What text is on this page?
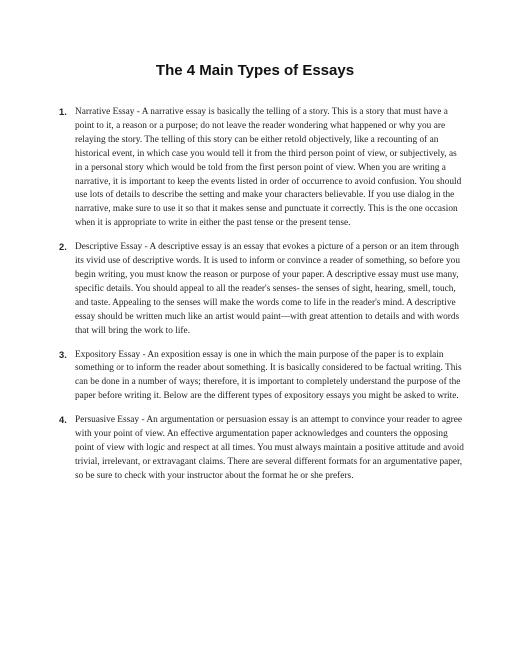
The 4 Main Types of Essays
1. Narrative Essay - A narrative essay is basically the telling of a story. This is a story that must have a point to it, a reason or a purpose; do not leave the reader wondering what happened or why you are relaying the story. The telling of this story can be either retold objectively, like a recounting of an historical event, in which case you would tell it from the third person point of view, or subjectively, as in a personal story which would be told from the first person point of view. When you are writing a narrative, it is important to keep the events listed in order of occurrence to avoid confusion. You should use lots of details to describe the setting and make your characters believable. If you use dialog in the narrative, make sure to use it so that it makes sense and punctuate it correctly. This is the one occasion when it is appropriate to write in either the past tense or the present tense.
2. Descriptive Essay - A descriptive essay is an essay that evokes a picture of a person or an item through its vivid use of descriptive words. It is used to inform or convince a reader of something, so before you begin writing, you must know the reason or purpose of your paper. A descriptive essay must use many, specific details. You should appeal to all the reader's senses- the senses of sight, hearing, smell, touch, and taste. Appealing to the senses will make the words come to life in the reader's mind. A descriptive essay should be written much like an artist would paint—with great attention to details and with words that will bring the work to life.
3. Expository Essay - An exposition essay is one in which the main purpose of the paper is to explain something or to inform the reader about something. It is basically considered to be factual writing. This can be done in a number of ways; therefore, it is important to completely understand the purpose of the paper before writing it. Below are the different types of expository essays you might be asked to write.
4. Persuasive Essay - An argumentation or persuasion essay is an attempt to convince your reader to agree with your point of view. An effective argumentation paper acknowledges and counters the opposing point of view with logic and respect at all times. You must always maintain a positive attitude and avoid trivial, irrelevant, or extravagant claims. There are several different formats for an argumentative paper, so be sure to check with your instructor about the format he or she prefers.
